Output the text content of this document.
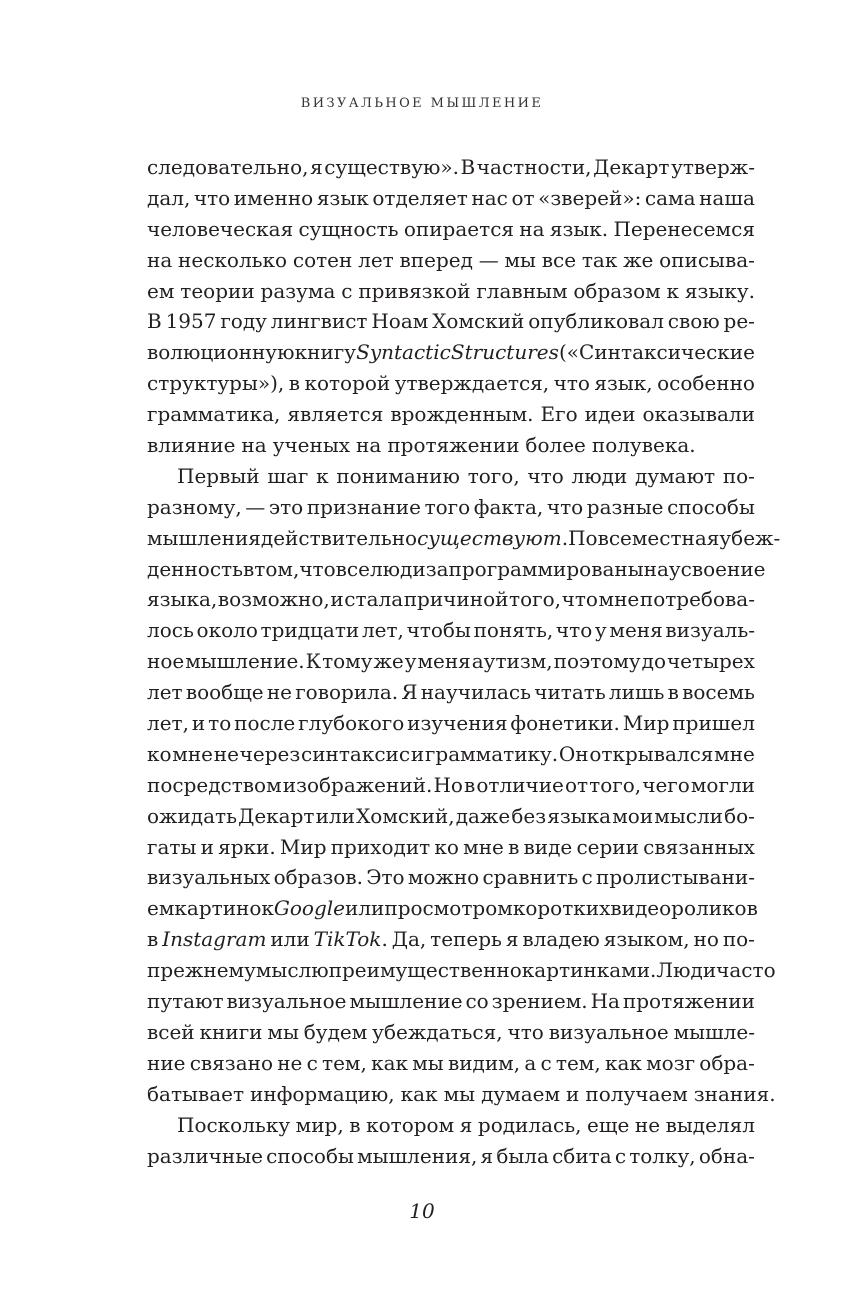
ВИЗУАЛЬНОЕ МЫШЛЕНИЕ
следовательно, я существую». В частности, Декарт утверж-
дал, что именно язык отделяет нас от «зверей»: сама наша
человеческая сущность опирается на язык. Перенесемся
на несколько сотен лет вперед — мы все так же описыва-
ем теории разума с привязкой главным образом к языку.
В 1957 году лингвист Ноам Хомский опубликовал свою ре-
волюционную книгу Syntactic Structures («Синтаксические
структуры»), в которой утверждается, что язык, особенно
грамматика, является врожденным. Его идеи оказывали
влияние на ученых на протяжении более полувека.
Первый шаг к пониманию того, что люди думают по-
разному, — это признание того факта, что разные способы
мышления действительно существуют. Повсеместная убеж-
денность в том, что все люди запрограммированы на усвоение
языка, возможно, и стала причиной того, что мне потребова-
лось около тридцати лет, чтобы понять, что у меня визуаль-
ное мышление. К тому же у меня аутизм, поэтому до четырех
лет вообще не говорила. Я научилась читать лишь в восемь
лет, и то после глубокого изучения фонетики. Мир пришел
ко мне не через синтаксис и грамматику. Он открывался мне
посредством изображений. Но в отличие от того, чего могли
ожидать Декарт или Хомский, даже без языка мои мысли бо-
гаты и ярки. Мир приходит ко мне в виде серии связанных
визуальных образов. Это можно сравнить с пролистывани-
ем картинок Google или просмотром коротких видеороликов
в Instagram или TikTok. Да, теперь я владею языком, но по-
прежнему мыслю преимущественно картинками. Люди часто
путают визуальное мышление со зрением. На протяжении
всей книги мы будем убеждаться, что визуальное мышле-
ние связано не с тем, как мы видим, а с тем, как мозг обра-
батывает информацию, как мы думаем и получаем знания.
Поскольку мир, в котором я родилась, еще не выделял
различные способы мышления, я была сбита с толку, обна-
10
